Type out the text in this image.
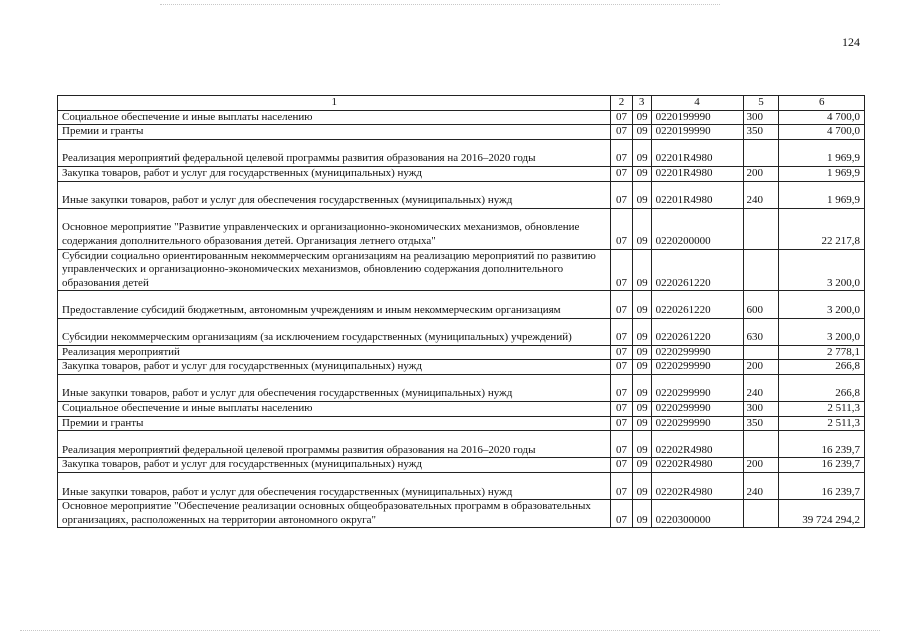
124
1	2	3	4	5	6
Социальное обеспечение и иные выплаты населению	07	09	0220199990	300	4 700,0
Премии и гранты	07	09	0220199990	350	4 700,0
Реализация мероприятий федеральной целевой программы развития образования на 2016–2020 годы	07	09	02201R4980		1 969,9
Закупка товаров, работ и услуг для государственных (муниципальных) нужд	07	09	02201R4980	200	1 969,9
Иные закупки товаров, работ и услуг для обеспечения государственных (муниципальных) нужд	07	09	02201R4980	240	1 969,9
Основное мероприятие "Развитие управленческих и организационно-экономических механизмов, обновление содержания дополнительного образования детей. Организация летнего отдыха"	07	09	0220200000		22 217,8
Субсидии социально ориентированным некоммерческим организациям на реализацию мероприятий по развитию управленческих и организационно-экономических механизмов, обновлению содержания дополнительного образования детей	07	09	0220261220		3 200,0
Предоставление субсидий бюджетным, автономным учреждениям и иным некоммерческим организациям	07	09	0220261220	600	3 200,0
Субсидии некоммерческим организациям (за исключением государственных (муниципальных) учреждений)	07	09	0220261220	630	3 200,0
Реализация мероприятий	07	09	0220299990		2 778,1
Закупка товаров, работ и услуг для государственных (муниципальных) нужд	07	09	0220299990	200	266,8
Иные закупки товаров, работ и услуг для обеспечения государственных (муниципальных) нужд	07	09	0220299990	240	266,8
Социальное обеспечение и иные выплаты населению	07	09	0220299990	300	2 511,3
Премии и гранты	07	09	0220299990	350	2 511,3
Реализация мероприятий федеральной целевой программы развития образования на 2016–2020 годы	07	09	02202R4980		16 239,7
Закупка товаров, работ и услуг для государственных (муниципальных) нужд	07	09	02202R4980	200	16 239,7
Иные закупки товаров, работ и услуг для обеспечения государственных (муниципальных) нужд	07	09	02202R4980	240	16 239,7
Основное мероприятие "Обеспечение реализации основных общеобразовательных программ в образовательных организациях, расположенных на территории автономного округа"	07	09	0220300000		39 724 294,2
